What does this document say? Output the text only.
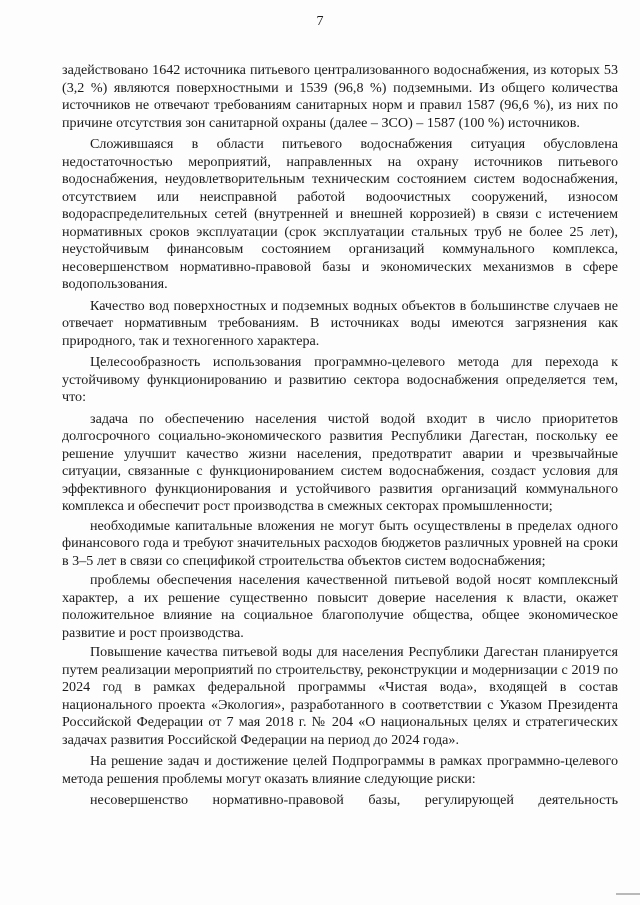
7

задействовано 1642 источника питьевого централизованного водоснабжения, из которых 53 (3,2 %) являются поверхностными и 1539 (96,8 %) подземными. Из общего количества источников не отвечают требованиям санитарных норм и правил 1587 (96,6 %), из них по причине отсутствия зон санитарной охраны (далее – ЗСО) – 1587 (100 %) источников.

Сложившаяся в области питьевого водоснабжения ситуация обусловлена недостаточностью мероприятий, направленных на охрану источников питьевого водоснабжения, неудовлетворительным техническим состоянием систем водоснабжения, отсутствием или неисправной работой водоочистных сооружений, износом водораспределительных сетей (внутренней и внешней коррозией) в связи с истечением нормативных сроков эксплуатации (срок эксплуатации стальных труб не более 25 лет), неустойчивым финансовым состоянием организаций коммунального комплекса, несовершенством нормативно-правовой базы и экономических механизмов в сфере водопользования.

Качество вод поверхностных и подземных водных объектов в большинстве случаев не отвечает нормативным требованиям. В источниках воды имеются загрязнения как природного, так и техногенного характера.

Целесообразность использования программно-целевого метода для перехода к устойчивому функционированию и развитию сектора водоснабжения определяется тем, что:

задача по обеспечению населения чистой водой входит в число приоритетов долгосрочного социально-экономического развития Республики Дагестан, поскольку ее решение улучшит качество жизни населения, предотвратит аварии и чрезвычайные ситуации, связанные с функционированием систем водоснабжения, создаст условия для эффективного функционирования и устойчивого развития организаций коммунального комплекса и обеспечит рост производства в смежных секторах промышленности;

необходимые капитальные вложения не могут быть осуществлены в пределах одного финансового года и требуют значительных расходов бюджетов различных уровней на сроки в 3–5 лет в связи со спецификой строительства объектов систем водоснабжения;

проблемы обеспечения населения качественной питьевой водой носят комплексный характер, а их решение существенно повысит доверие населения к власти, окажет положительное влияние на социальное благополучие общества, общее экономическое развитие и рост производства.

Повышение качества питьевой воды для населения Республики Дагестан планируется путем реализации мероприятий по строительству, реконструкции и модернизации с 2019 по 2024 год в рамках федеральной программы «Чистая вода», входящей в состав национального проекта «Экология», разработанного в соответствии с Указом Президента Российской Федерации от 7 мая 2018 г. № 204 «О национальных целях и стратегических задачах развития Российской Федерации на период до 2024 года».

На решение задач и достижение целей Подпрограммы в рамках программно-целевого метода решения проблемы могут оказать влияние следующие риски:

несовершенство нормативно-правовой базы, регулирующей деятельность
